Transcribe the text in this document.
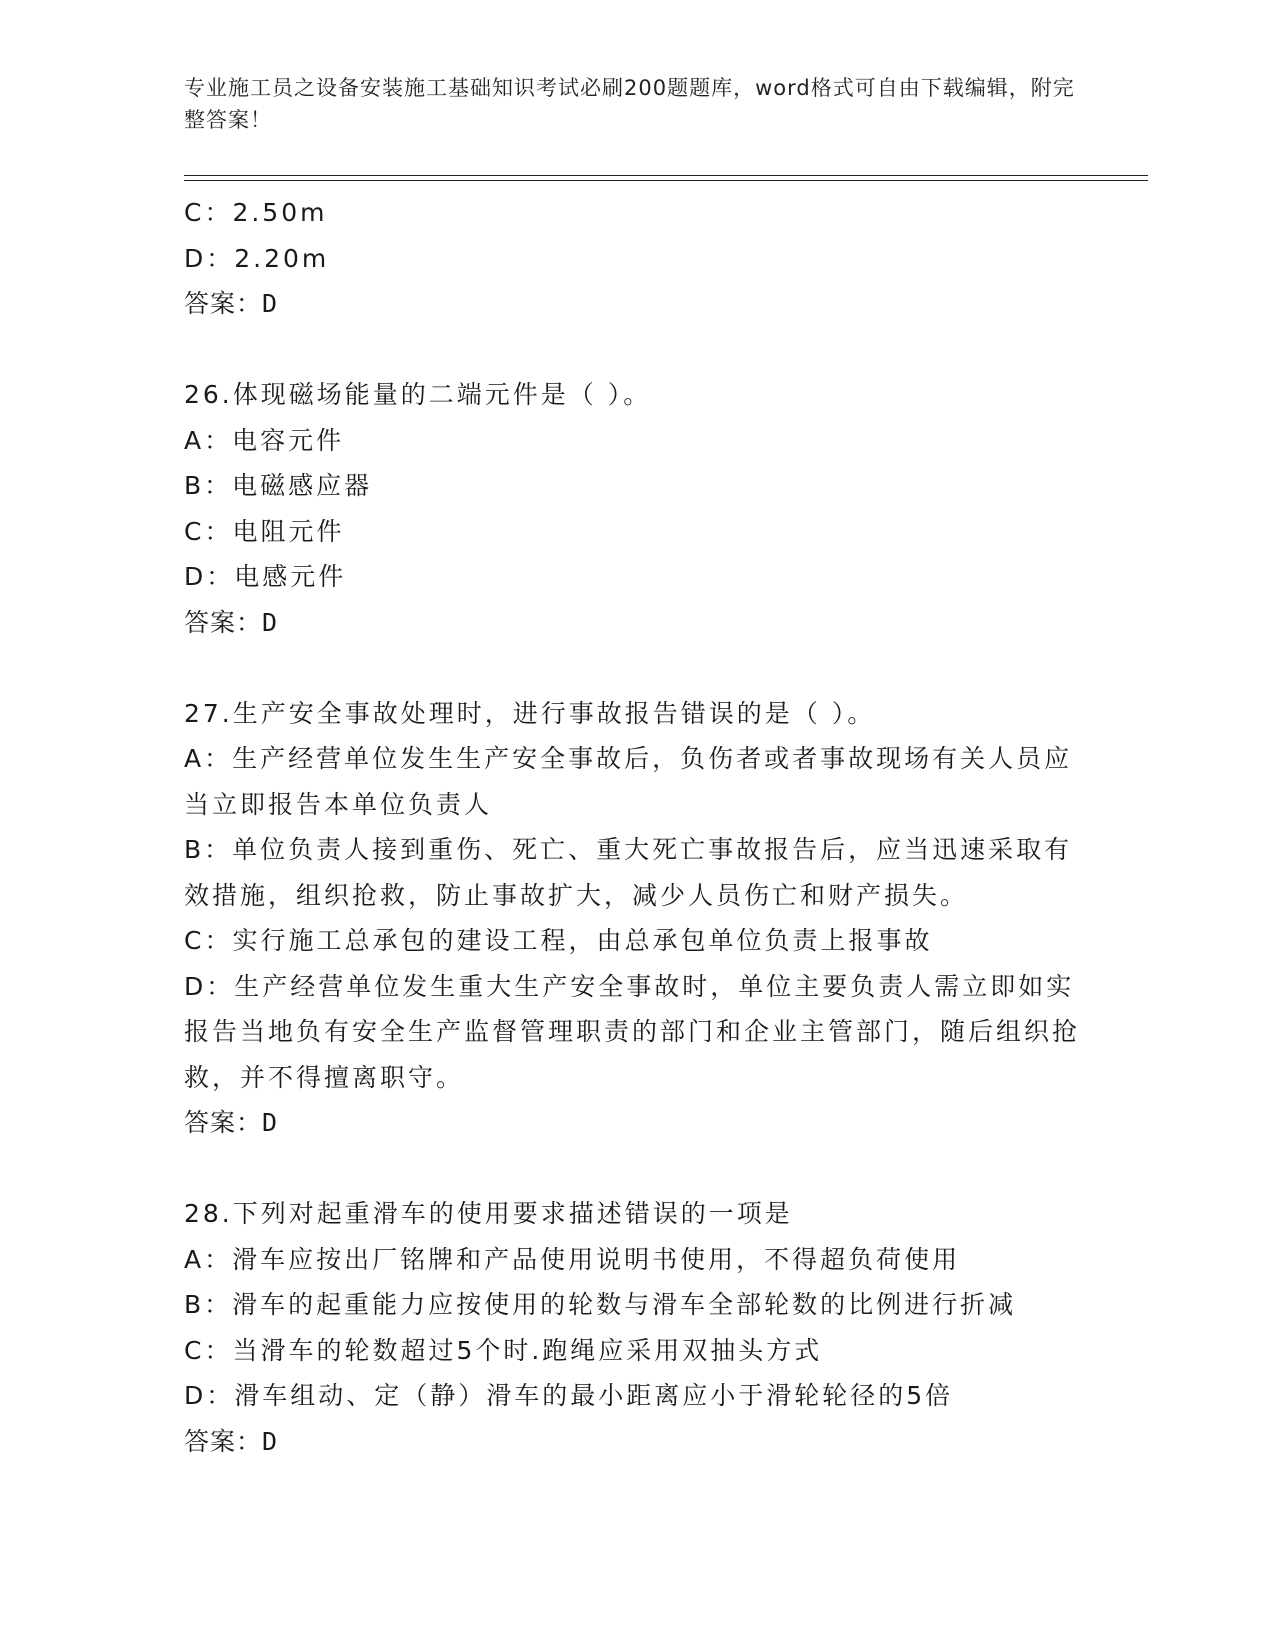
专业施工员之设备安装施工基础知识考试必刷200题题库，word格式可自由下载编辑，附完整答案！
C：2.50m
D：2.20m
答案：D
26.体现磁场能量的二端元件是（ ）。
A：电容元件
B：电磁感应器
C：电阻元件
D：电感元件
答案：D
27.生产安全事故处理时，进行事故报告错误的是（ ）。
A：生产经营单位发生生产安全事故后，负伤者或者事故现场有关人员应当立即报告本单位负责人
B：单位负责人接到重伤、死亡、重大死亡事故报告后，应当迅速采取有效措施，组织抢救，防止事故扩大，减少人员伤亡和财产损失。
C：实行施工总承包的建设工程，由总承包单位负责上报事故
D：生产经营单位发生重大生产安全事故时，单位主要负责人需立即如实报告当地负有安全生产监督管理职责的部门和企业主管部门，随后组织抢救，并不得擅离职守。
答案：D
28.下列对起重滑车的使用要求描述错误的一项是
A：滑车应按出厂铭牌和产品使用说明书使用，不得超负荷使用
B：滑车的起重能力应按使用的轮数与滑车全部轮数的比例进行折减
C：当滑车的轮数超过5个时.跑绳应采用双抽头方式
D：滑车组动、定（静）滑车的最小距离应小于滑轮轮径的5倍
答案：D
